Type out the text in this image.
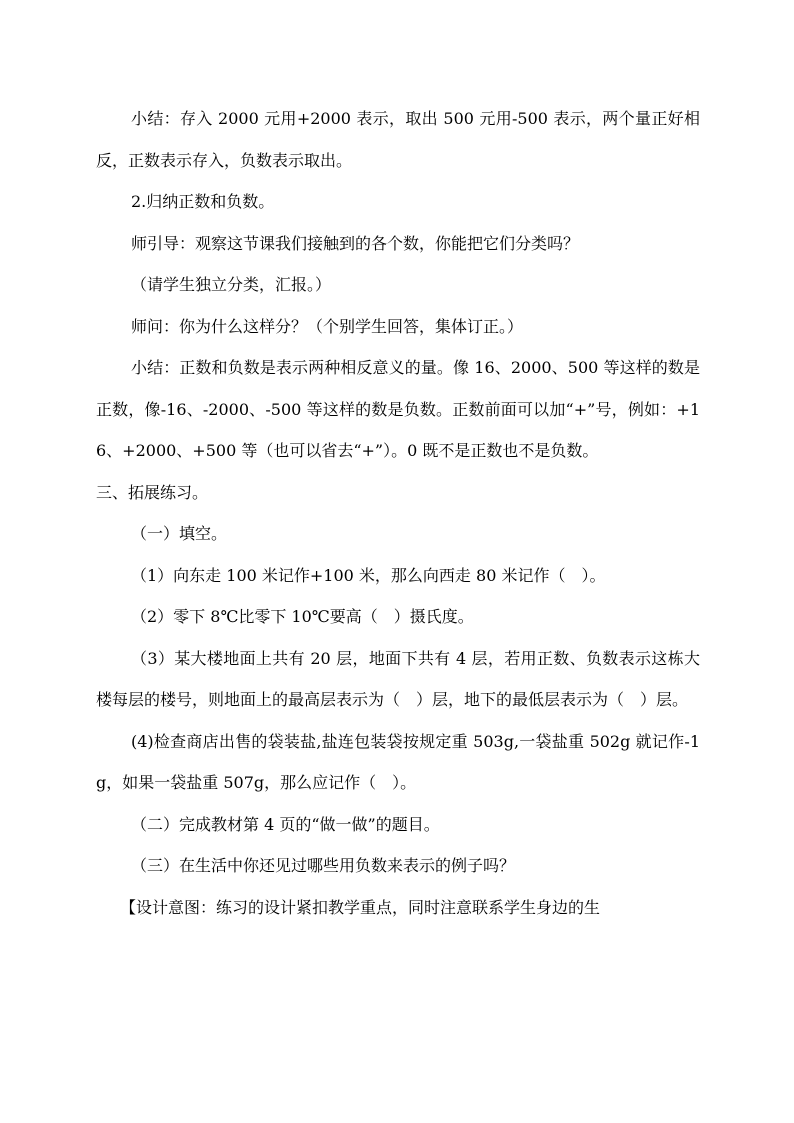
小结：存入 2000 元用+2000 表示，取出 500 元用-500 表示，两个量正好相反，正数表示存入，负数表示取出。

2.归纳正数和负数。

师引导：观察这节课我们接触到的各个数，你能把它们分类吗？

（请学生独立分类，汇报。）

师问：你为什么这样分？（个别学生回答，集体订正。）

小结：正数和负数是表示两种相反意义的量。像 16、2000、500 等这样的数是正数，像-16、-2000、-500 等这样的数是负数。正数前面可以加“+”号，例如：+16、+2000、+500 等（也可以省去“+”）。0 既不是正数也不是负数。

三、拓展练习。

（一）填空。

（1）向东走 100 米记作+100 米，那么向西走 80 米记作（　）。

（2）零下 8℃比零下 10℃要高（　）摄氏度。

（3）某大楼地面上共有 20 层，地面下共有 4 层，若用正数、负数表示这栋大楼每层的楼号，则地面上的最高层表示为（　）层，地下的最低层表示为（　）层。

(4)检查商店出售的袋装盐,盐连包装袋按规定重 503g,一袋盐重 502g 就记作-1g，如果一袋盐重 507g，那么应记作（　）。

（二）完成教材第 4 页的“做一做”的题目。

（三）在生活中你还见过哪些用负数来表示的例子吗？

【设计意图：练习的设计紧扣教学重点，同时注意联系学生身边的生
